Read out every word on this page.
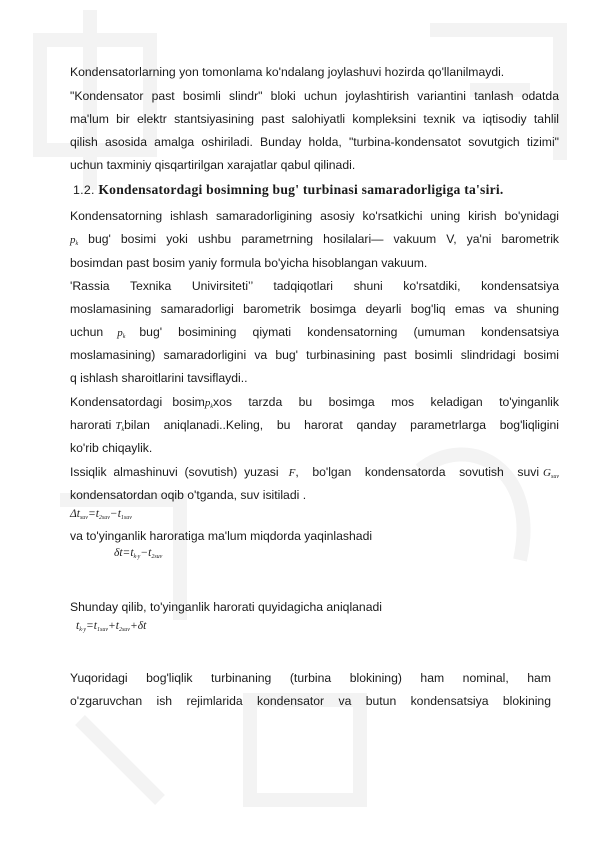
Kondensatorlarning yon tomonlama ko'ndalang joylashuvi hozirda qo'llanilmaydi.
"Kondensator past bosimli slindr" bloki uchun joylashtirish variantini tanlash odatda
ma'lum bir elektr stantsiyasining past salohiyatli kompleksini texnik va iqtisodiy tahlil
qilish asosida amalga oshiriladi. Bunday holda, "turbina-kondensatot sovutgich tizimi"
uchun taxminiy qisqartirilgan xarajatlar qabul qilinadi.
1.2. Kondensatordagi bosimning bug' turbinasi samaradorligiga ta'siri.
Kondensatorning ishlash samaradorligining asosiy ko'rsatkichi uning kirish bo'ynidagi
$p_k$ bug' bosimi yoki ushbu parametrning hosilalari— vakuum V, ya'ni barometrik
bosimdan past bosim yaniy formula bo'yicha hisoblangan vakuum.
'Rassia Texnika Univirsiteti’’ tadqiqotlari shuni ko'rsatdiki, kondensatsiya
moslamasining samaradorligi barometrik bosimga deyarli bog'liq emas va shuning
uchun $p_k$ bug' bosimining qiymati kondensatorning (umuman kondensatsiya
moslamasining) samaradorligini va bug' turbinasining past bosimli slindridagi bosimi
q ishlash sharoitlarini tavsiflaydi..
Kondensatordagi   bosim $p_k$ xos tarzda bu bosimga mos keladigan to'yinganlik
harorati $T_k$ bilan aniqlanadi..Keling, bu harorat qanday parametrlarga bog'liqligini
ko'rib chiqaylik.
Issiqlik  almashinuvi  (sovutish)  yuzasi F , bo'lgan kondensatorda sovutish suvi $G_{suv}$
kondensatordan oqib o'tganda, suv isitiladi .
$\Delta t_{suv}=t_{2suv}-t_{1suv}$
va to'yinganlik haroratiga ma'lum miqdorda yaqinlashadi
$\delta t=t_{k\cdot y}-t_{2suv}$
Shunday qilib, to'yinganlik harorati quyidagicha aniqlanadi
$t_{k\cdot y}=t_{1suv}+t_{2suv}+\delta t$
Yuqoridagi bog'liqlik turbinaning (turbina blokining) ham nominal, ham
o'zgaruvchan ish rejimlarida kondensator va butun kondensatsiya blokining
